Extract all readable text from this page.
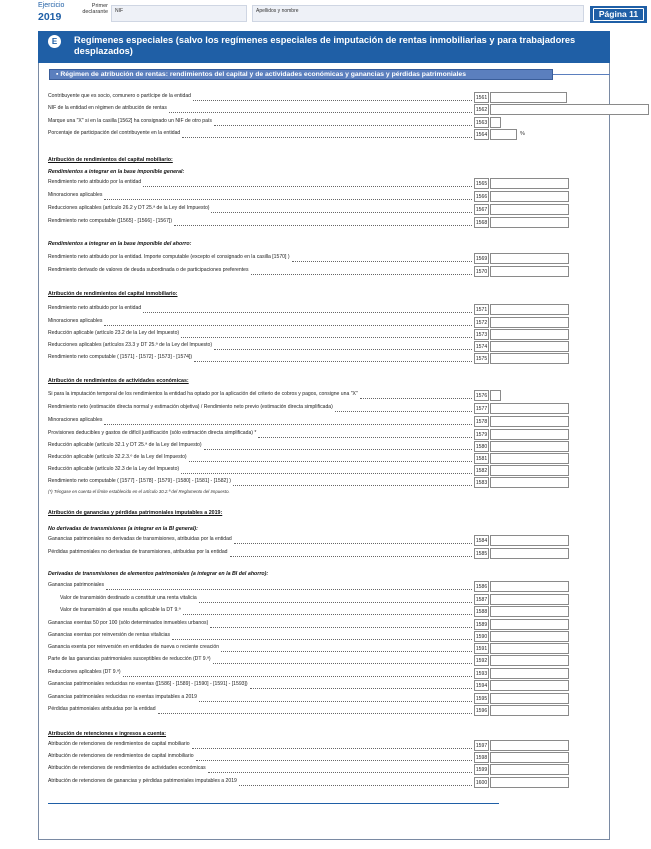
Ejercicio
2019
Primer declarante	NIF	Apellidos y nombre	Página 11
E	Regímenes especiales (salvo los regímenes especiales de imputación de rentas inmobiliarias y para trabajadores desplazados)
▪ Régimen de atribución de rentas: rendimientos del capital y de actividades económicas y ganancias y pérdidas patrimoniales
Contribuyente que es socio, comunero o partícipe de la entidad	1561
NIF de la entidad en régimen de atribución de rentas	1562
Marque una "X" si en la casilla [1562] ha consignado un NIF de otro país	1563
Porcentaje de participación del contribuyente en la entidad	1564	%
Atribución de rendimientos del capital mobiliario:
Rendimientos a integrar en la base imponible general:
Rendimiento neto atribuido por la entidad	1565
Minoraciones aplicables	1566
Reducciones aplicables (artículo 26.2 y DT 25.ª de la Ley del Impuesto)	1567
Rendimiento neto computable ([1565] - [1566] - [1567])	1568
Rendimientos a integrar en la base imponible del ahorro:
Rendimiento neto atribuido por la entidad. Importe computable (excepto el consignado en la casilla [1570] )	1569
Rendimiento derivado de valores de deuda subordinada o de participaciones preferentes	1570
Atribución de rendimientos del capital inmobiliario:
Rendimiento neto atribuido por la entidad	1571
Minoraciones aplicables	1572
Reducción aplicable (artículo 23.2 de la Ley del Impuesto)	1573
Reducciones aplicables (artículos 23.3 y DT 25.ª de la Ley del Impuesto)	1574
Rendimiento neto computable ( [1571] - [1572] - [1573] - [1574])	1575
Atribución de rendimientos de actividades económicas:
Si para la imputación temporal de los rendimientos la entidad ha optado por la aplicación del criterio de cobros y pagos, consigne una "X"	1576
Rendimiento neto (estimación directa normal y estimación objetiva) / Rendimiento neto previo (estimación directa simplificada)	1577
Minoraciones aplicables	1578
Provisiones deducibles y gastos de difícil justificación (sólo estimación directa simplificada) *	1579
Reducción aplicable (artículo 32.1 y DT 25.ª de la Ley del Impuesto)	1580
Reducción aplicable (artículo 32.2.3.º de la Ley del Impuesto)	1581
Reducción aplicable (artículo 32.3 de la Ley del Impuesto)	1582
Rendimiento neto computable ( [1577] - [1578] - [1579] - [1580] - [1581] - [1582] )	1583
(*) Téngase en cuenta el límite establecido en el artículo 30.2.ª del Reglamento del Impuesto.
Atribución de ganancias y pérdidas patrimoniales imputables a 2019:
No derivadas de transmisiones (a integrar en la BI general):
Ganancias patrimoniales no derivadas de transmisiones, atribuidas por la entidad	1584
Pérdidas patrimoniales no derivadas de transmisiones, atribuidas por la entidad	1585
Derivadas de transmisiones de elementos patrimoniales (a integrar en la BI del ahorro):
Ganancias patrimoniales	1586
Valor de transmisión destinado a constituir una renta vitalicia	1587
Valor de transmisión al que resulta aplicable la DT 9.ª	1588
Ganancias exentas 50 por 100 (sólo determinados inmuebles urbanos)	1589
Ganancias exentas por reinversión de rentas vitalicias	1590
Ganancia exenta por reinversión en entidades de nueva o reciente creación	1591
Parte de las ganancias patrimoniales susceptibles de reducción (DT 9.ª)	1592
Reducciones aplicables (DT 9.ª)	1593
Ganancias patrimoniales reducidas no exentas ([1586] - [1589] - [1590] - [1591] - [1593])	1594
Ganancias patrimoniales reducidas no exentas imputables a 2019	1595
Pérdidas patrimoniales atribuidas por la entidad	1596
Atribución de retenciones e ingresos a cuenta:
Atribución de retenciones de rendimientos de capital mobiliario	1597
Atribución de retenciones de rendimientos de capital inmobiliario	1598
Atribución de retenciones de rendimientos de actividades económicas	1599
Atribución de retenciones de ganancias y pérdidas patrimoniales imputables a 2019	1600
